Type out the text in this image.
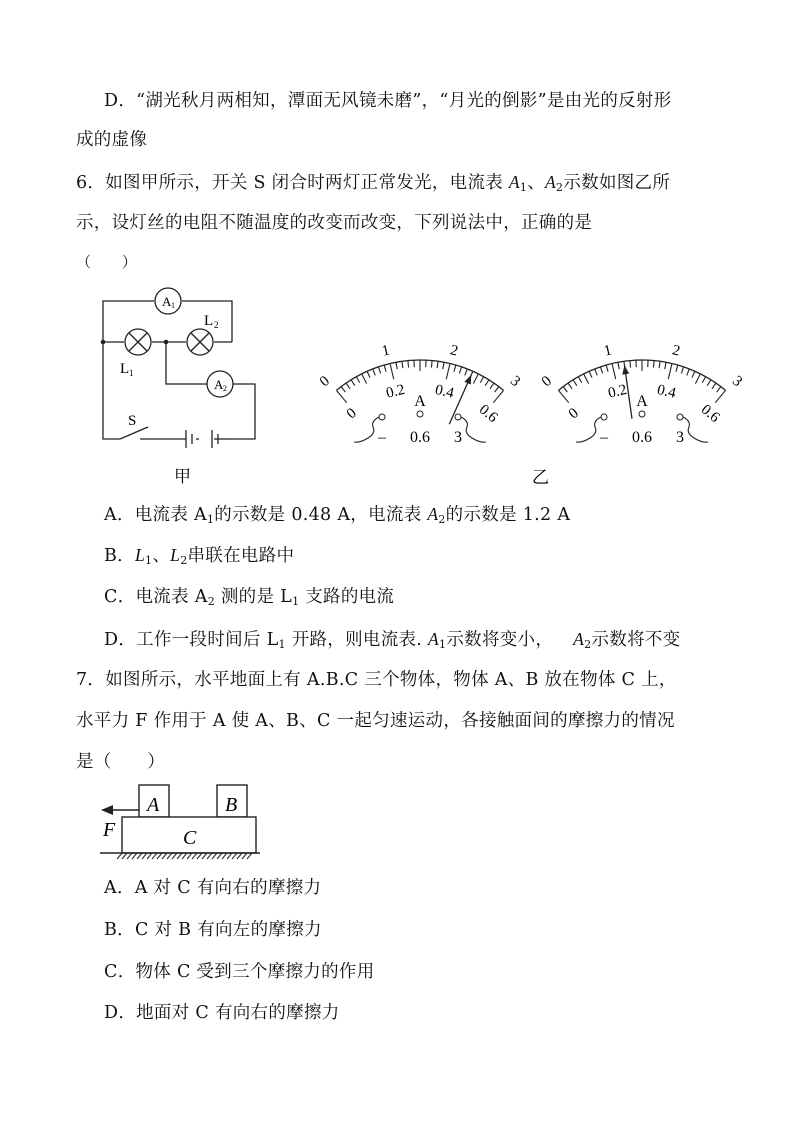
D．“湖光秋月两相知，潭面无风镜未磨”，“月光的倒影”是由光的反射形
成的虚像
6．如图甲所示，开关 S 闭合时两灯正常发光，电流表 $A_1$、$A_2$示数如图乙所
示，设灯丝的电阻不随温度的改变而改变，下列说法中，正确的是
（　　）
A 1
A 2
L 1
L 2
S
甲
0
1	2
3
0
0.2 0.4
0.6
A
– 0.6 3
0
1	2
3
0
0.2 0.4
0.6
A
– 0.6 3
乙
A．电流表 $A_1$的示数是 0.48 A，电流表 $A_2$的示数是 1.2 A
B．$L_1$、$L_2$串联在电路中
C．电流表 $A_2$ 测的是 $L_1$ 支路的电流
D．工作一段时间后 $L_1$ 开路，则电流表. $A_1$示数将变小， $A_2$示数将不变
7．如图所示，水平地面上有 A.B.C 三个物体，物体 A、B 放在物体 C 上，
水平力 F 作用于 A 使 A、B、C 一起匀速运动，各接触面间的摩擦力的情况
是（　　）
A	B
C
F
A．A 对 C 有向右的摩擦力
B．C 对 B 有向左的摩擦力
C．物体 C 受到三个摩擦力的作用
D．地面对 C 有向右的摩擦力
